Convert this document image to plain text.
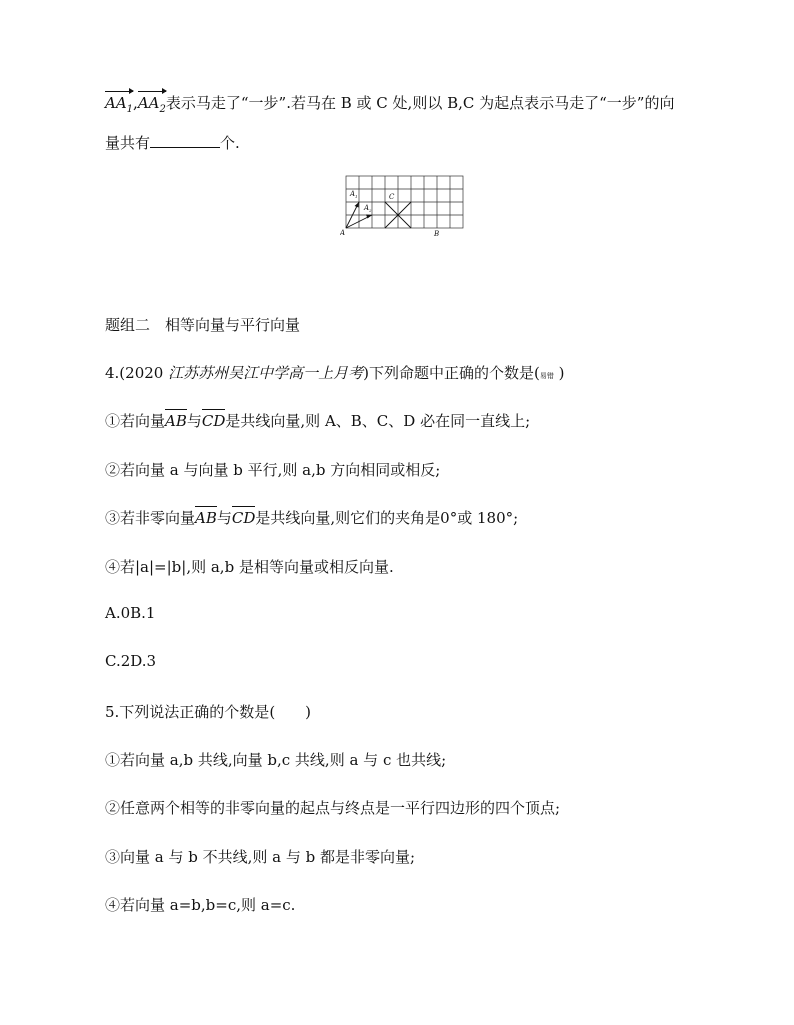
$AA_1,AA_2$表示马走了“一步”.若马在 B 或 C 处,则以 B,C 为起点表示马走了“一步”的向
量共有	个.
A	B
C
A 1
A 2
题组二　相等向量与平行向量
4.(2020 江苏苏州吴江中学高一上月考)下列命题中正确的个数是(易错 )
①若向量AB与CD是共线向量,则 A、B、C、D 必在同一直线上;
②若向量 a 与向量 b 平行,则 a,b 方向相同或相反;
③若非零向量AB与CD是共线向量,则它们的夹角是0°或 180°;
④若|a|=|b|,则 a,b 是相等向量或相反向量.
A.0B.1
C.2D.3
5.下列说法正确的个数是(　　)
①若向量 a,b 共线,向量 b,c 共线,则 a 与 c 也共线;
②任意两个相等的非零向量的起点与终点是一平行四边形的四个顶点;
③向量 a 与 b 不共线,则 a 与 b 都是非零向量;
④若向量 a=b,b=c,则 a=c.
